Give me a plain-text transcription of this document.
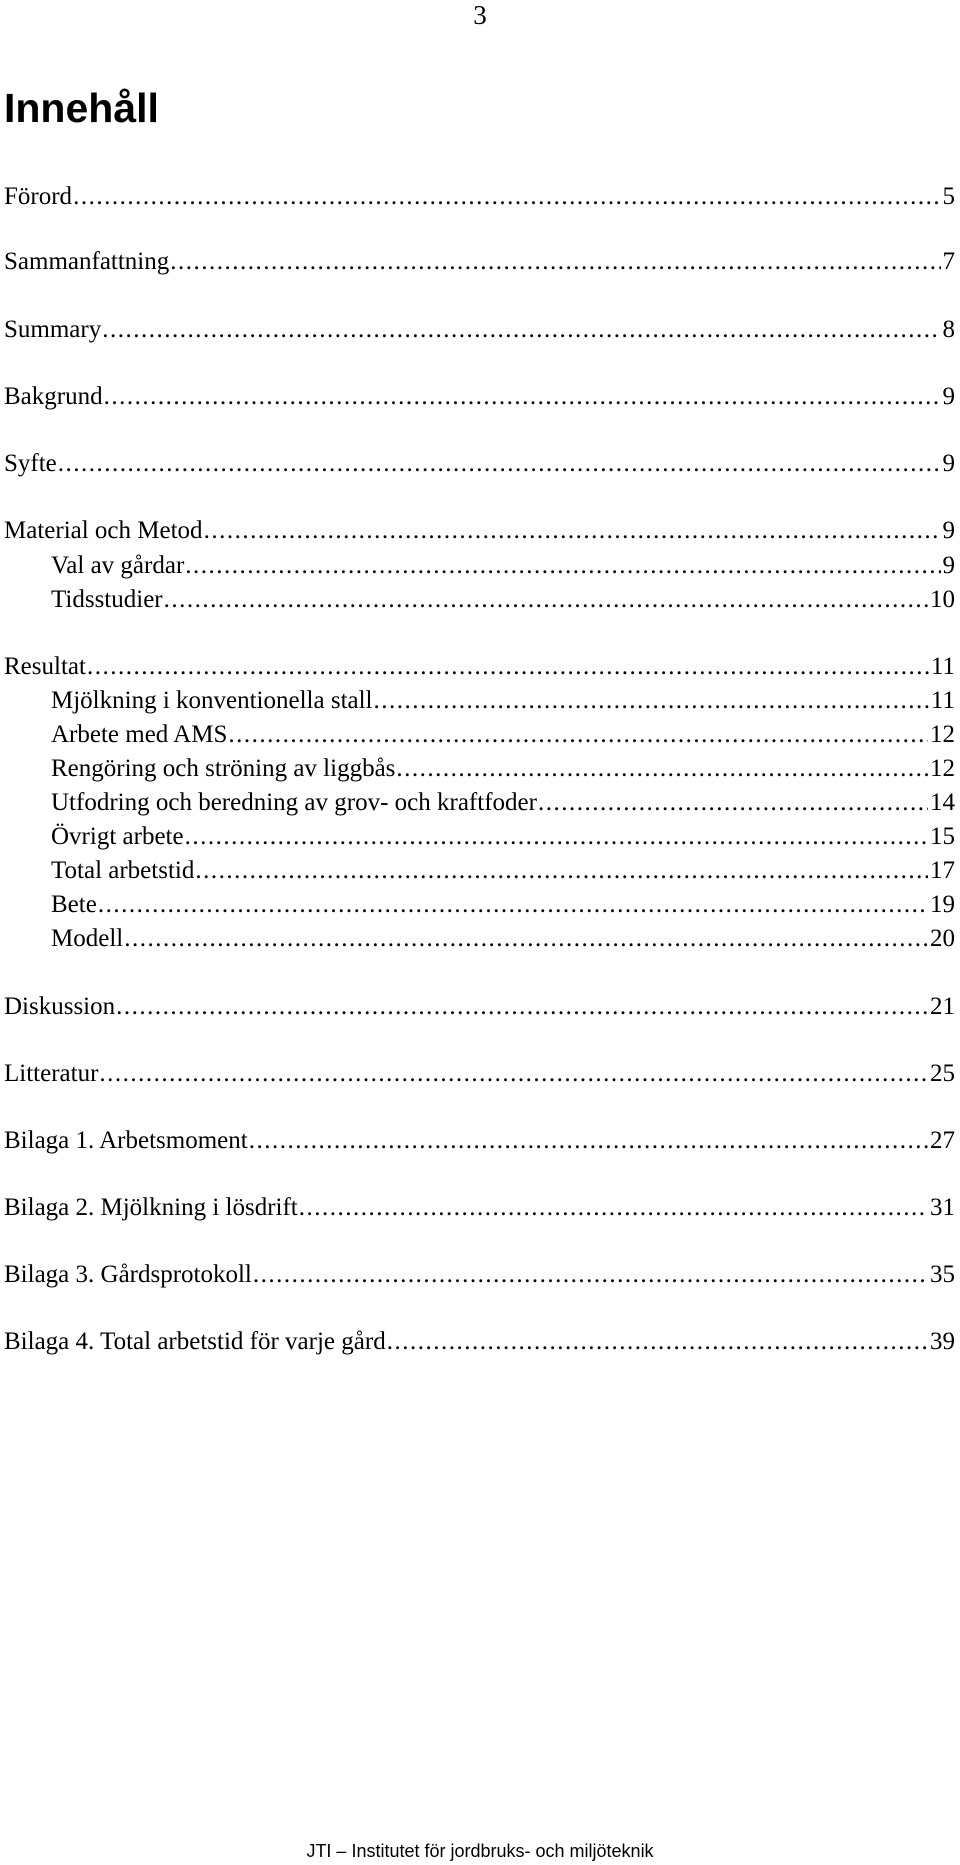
3
Innehåll
Förord .....	5
Sammanfattning .....	7
Summary .....	8
Bakgrund .....	9
Syfte .....	9
Material och Metod .....	9
Val av gårdar .....	9
Tidsstudier .....	10
Resultat .....	11
Mjölkning i konventionella stall .....	11
Arbete med AMS .....	12
Rengöring och ströning av liggbås .....	12
Utfodring och beredning av grov- och kraftfoder .....	14
Övrigt arbete .....	15
Total arbetstid .....	17
Bete .....	19
Modell .....	20
Diskussion .....	21
Litteratur .....	25
Bilaga 1. Arbetsmoment .....	27
Bilaga 2. Mjölkning i lösdrift .....	31
Bilaga 3. Gårdsprotokoll .....	35
Bilaga 4. Total arbetstid för varje gård .....	39
JTI – Institutet för jordbruks- och miljöteknik
